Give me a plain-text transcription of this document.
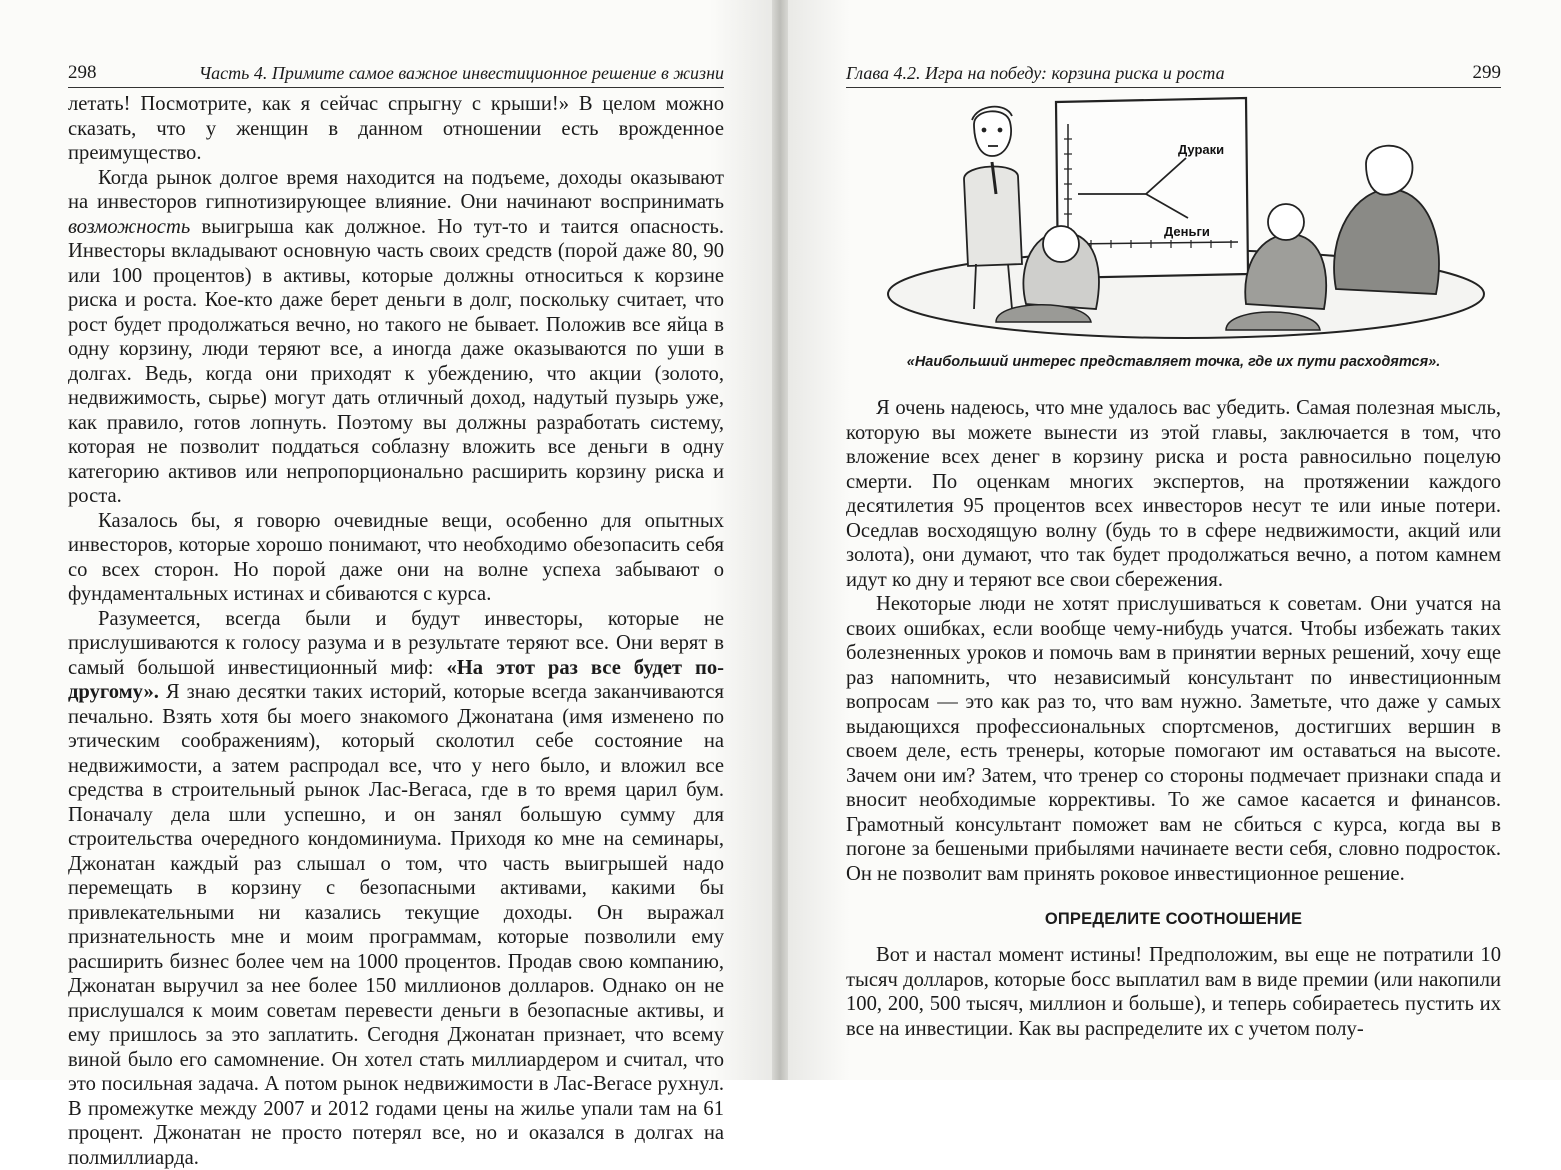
298	Часть 4. Примите самое важное инвестиционное решение в жизни

летать! Посмотрите, как я сейчас спрыгну с крыши!» В целом можно сказать, что у женщин в данном отношении есть врожденное преимущество.

Когда рынок долгое время находится на подъеме, доходы оказывают на инвесторов гипнотизирующее влияние. Они начинают воспринимать возможность выигрыша как должное. Но тут-то и таится опасность. Инвесторы вкладывают основную часть своих средств (порой даже 80, 90 или 100 процентов) в активы, которые должны относиться к корзине риска и роста. Кое-кто даже берет деньги в долг, поскольку считает, что рост будет продолжаться вечно, но такого не бывает. Положив все яйца в одну корзину, люди теряют все, а иногда даже оказываются по уши в долгах. Ведь, когда они приходят к убеждению, что акции (золото, недвижимость, сырье) могут дать отличный доход, надутый пузырь уже, как правило, готов лопнуть. Поэтому вы должны разработать систему, которая не позволит поддаться соблазну вложить все деньги в одну категорию активов или непропорционально расширить корзину риска и роста.

Казалось бы, я говорю очевидные вещи, особенно для опытных инвесторов, которые хорошо понимают, что необходимо обезопасить себя со всех сторон. Но порой даже они на волне успеха забывают о фундаментальных истинах и сбиваются с курса.

Разумеется, всегда были и будут инвесторы, которые не прислушиваются к голосу разума и в результате теряют все. Они верят в самый большой инвестиционный миф: «На этот раз все будет по-другому». Я знаю десятки таких историй, которые всегда заканчиваются печально. Взять хотя бы моего знакомого Джонатана (имя изменено по этическим соображениям), который сколотил себе состояние на недвижимости, а затем распродал все, что у него было, и вложил все средства в строительный рынок Лас-Вегаса, где в то время царил бум. Поначалу дела шли успешно, и он занял большую сумму для строительства очередного кондоминиума. Приходя ко мне на семинары, Джонатан каждый раз слышал о том, что часть выигрышей надо перемещать в корзину с безопасными активами, какими бы привлекательными ни казались текущие доходы. Он выражал признательность мне и моим программам, которые позволили ему расширить бизнес более чем на 1000 процентов. Продав свою компанию, Джонатан выручил за нее более 150 миллионов долларов. Однако он не прислушался к моим советам перевести деньги в безопасные активы, и ему пришлось за это заплатить. Сегодня Джонатан признает, что всему виной было его самомнение. Он хотел стать миллиардером и считал, что это посильная задача. А потом рынок недвижимости в Лас-Вегасе рухнул. В промежутке между 2007 и 2012 годами цены на жилье упали там на 61 процент. Джонатан не просто потерял все, но и оказался в долгах на полмиллиарда.

Глава 4.2. Игра на победу: корзина риска и роста	299
Дураки
Деньги
«Наибольший интерес представляет точка, где их пути расходятся».

Я очень надеюсь, что мне удалось вас убедить. Самая полезная мысль, которую вы можете вынести из этой главы, заключается в том, что вложение всех денег в корзину риска и роста равносильно поцелую смерти. По оценкам многих экспертов, на протяжении каждого десятилетия 95 процентов всех инвесторов несут те или иные потери. Оседлав восходящую волну (будь то в сфере недвижимости, акций или золота), они думают, что так будет продолжаться вечно, а потом камнем идут ко дну и теряют все свои сбережения.

Некоторые люди не хотят прислушиваться к советам. Они учатся на своих ошибках, если вообще чему-нибудь учатся. Чтобы избежать таких болезненных уроков и помочь вам в принятии верных решений, хочу еще раз напомнить, что независимый консультант по инвестиционным вопросам — это как раз то, что вам нужно. Заметьте, что даже у самых выдающихся профессиональных спортсменов, достигших вершин в своем деле, есть тренеры, которые помогают им оставаться на высоте. Зачем они им? Затем, что тренер со стороны подмечает признаки спада и вносит необходимые коррективы. То же самое касается и финансов. Грамотный консультант поможет вам не сбиться с курса, когда вы в погоне за бешеными прибылями начинаете вести себя, словно подросток. Он не позволит вам принять роковое инвестиционное решение.

ОПРЕДЕЛИТЕ СООТНОШЕНИЕ

Вот и настал момент истины! Предположим, вы еще не потратили 10 тысяч долларов, которые босс выплатил вам в виде премии (или накопили 100, 200, 500 тысяч, миллион и больше), и теперь собираетесь пустить их все на инвестиции. Как вы распределите их с учетом полу-
